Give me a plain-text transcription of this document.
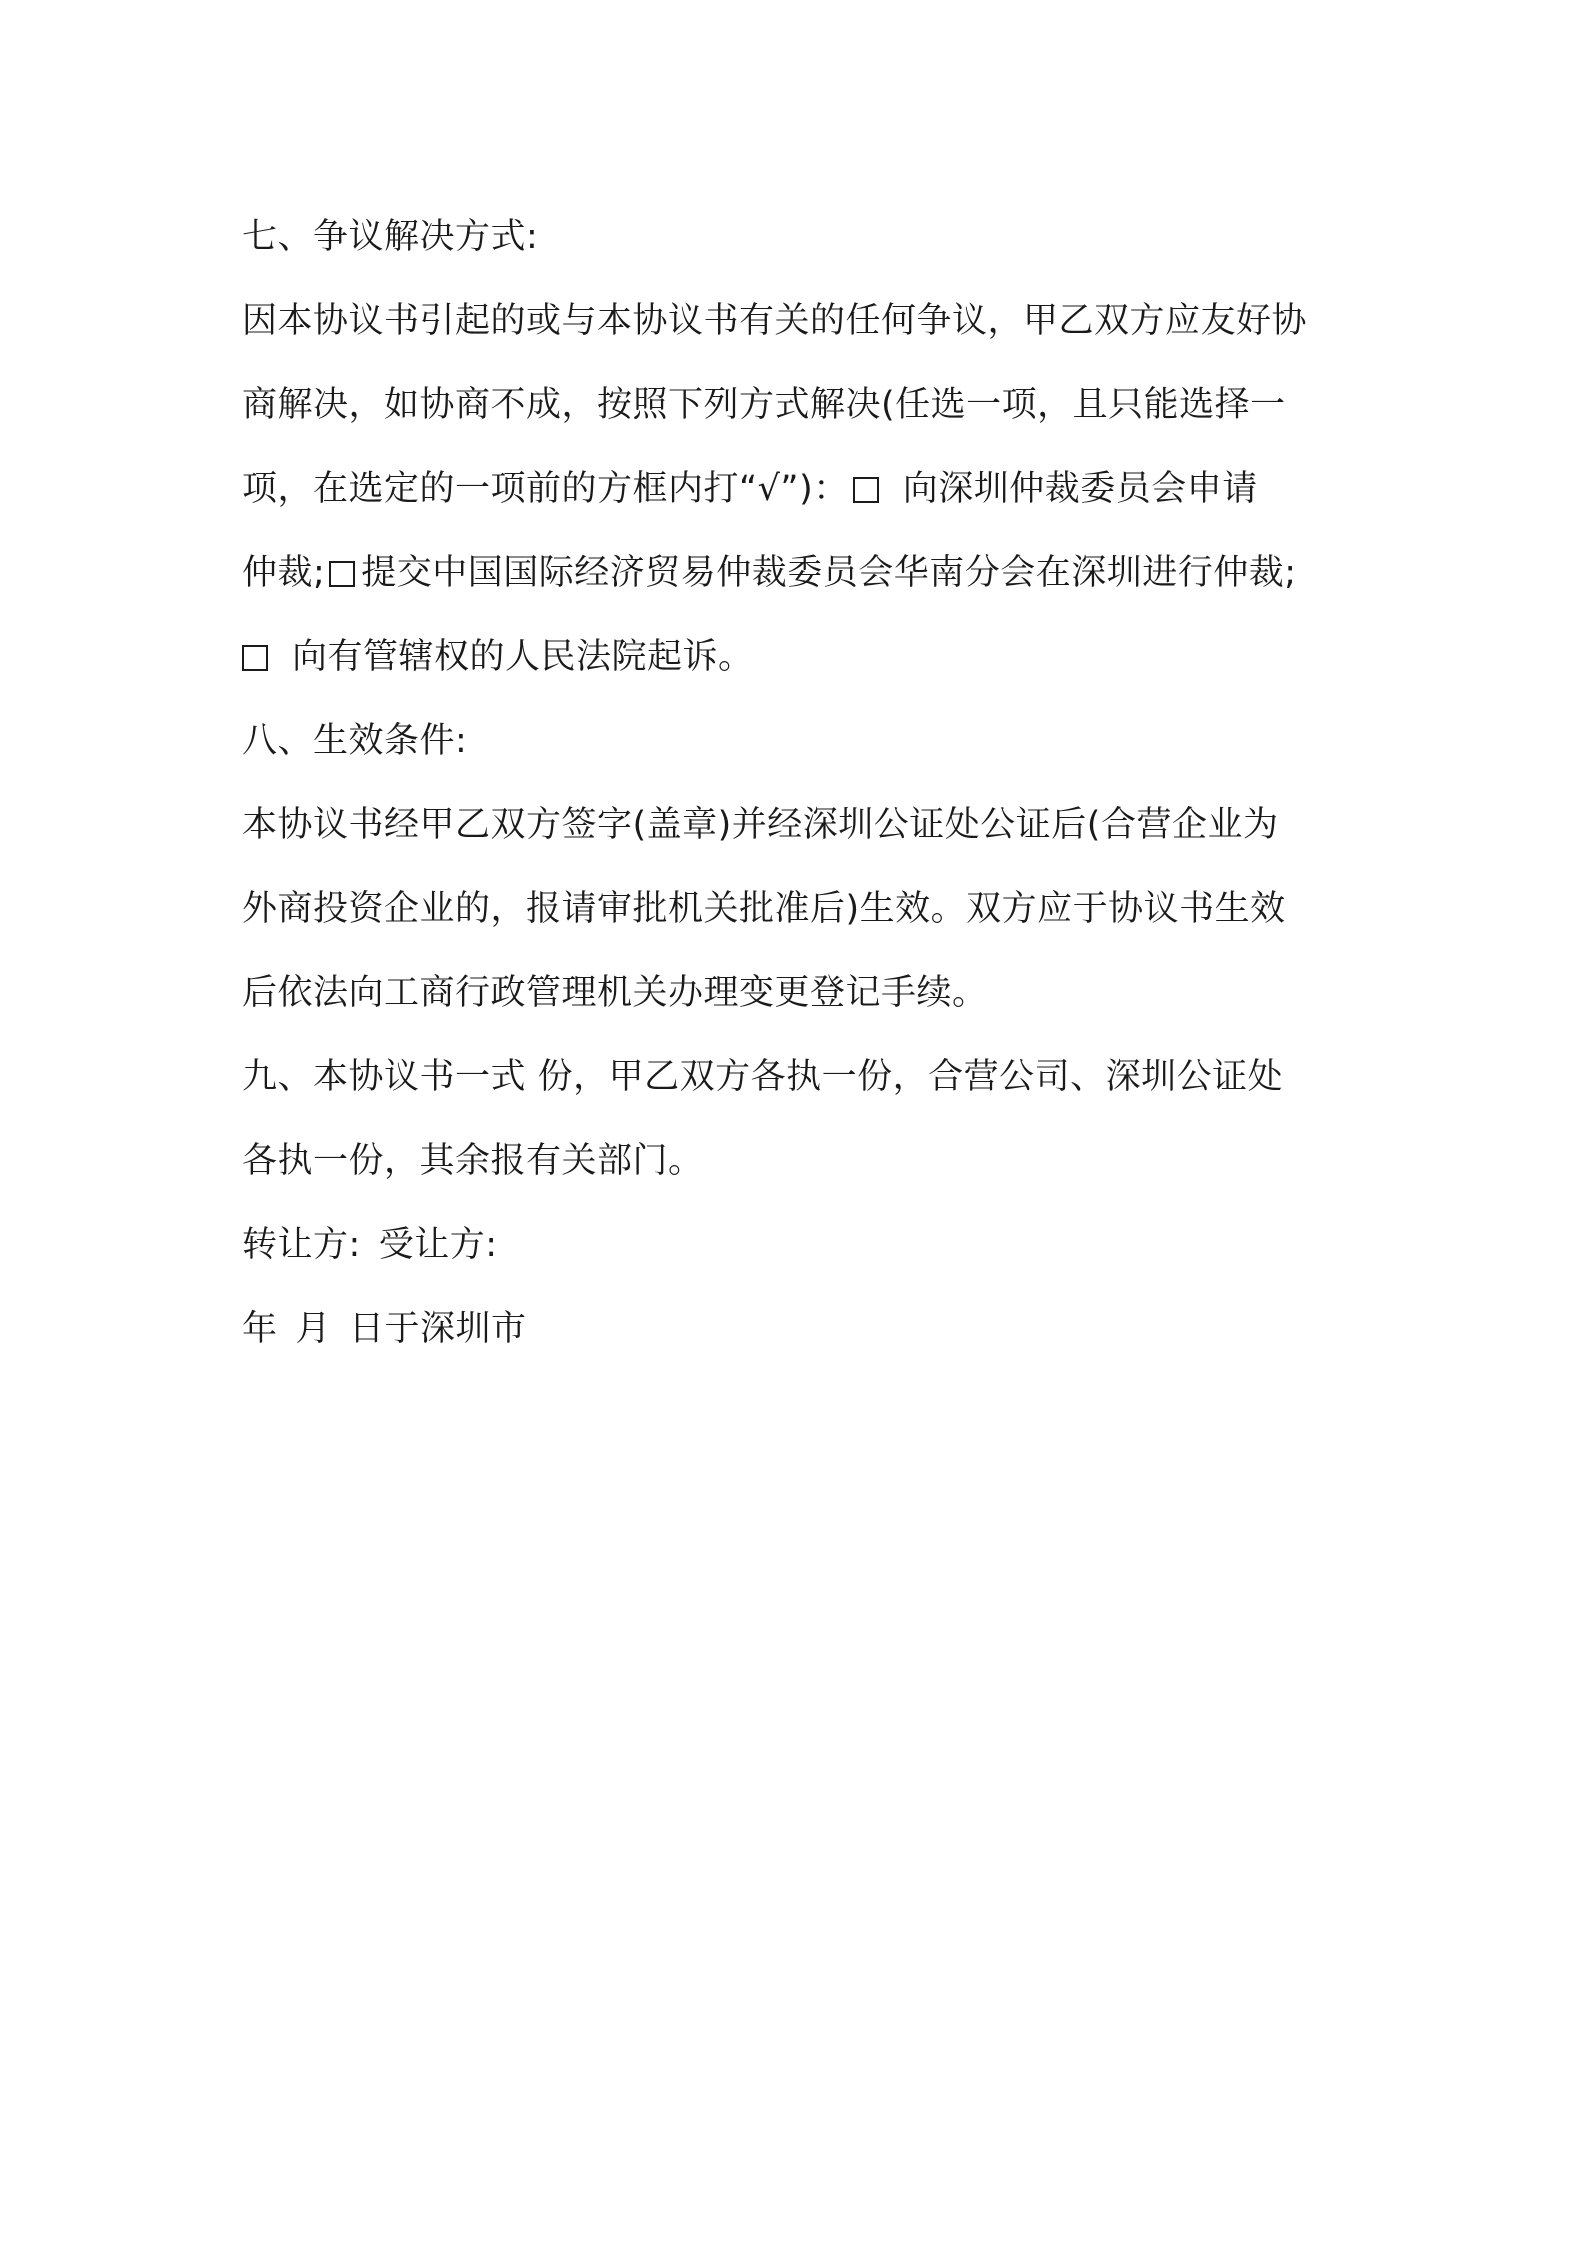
七、争议解决方式:
因本协议书引起的或与本协议书有关的任何争议，甲乙双方应友好协
商解决，如协商不成，按照下列方式解决(任选一项，且只能选择一
项，在选定的一项前的方框内打“√”)： 向深圳仲裁委员会申请
仲裁; 提交中国国际经济贸易仲裁委员会华南分会在深圳进行仲裁;
向有管辖权的人民法院起诉。
八、生效条件:
本协议书经甲乙双方签字(盖章)并经深圳公证处公证后(合营企业为
外商投资企业的，报请审批机关批准后)生效。双方应于协议书生效
后依法向工商行政管理机关办理变更登记手续。
九、本协议书一式 份，甲乙双方各执一份，合营公司、深圳公证处
各执一份，其余报有关部门。
转让方: 受让方:
年 月 日于深圳市
